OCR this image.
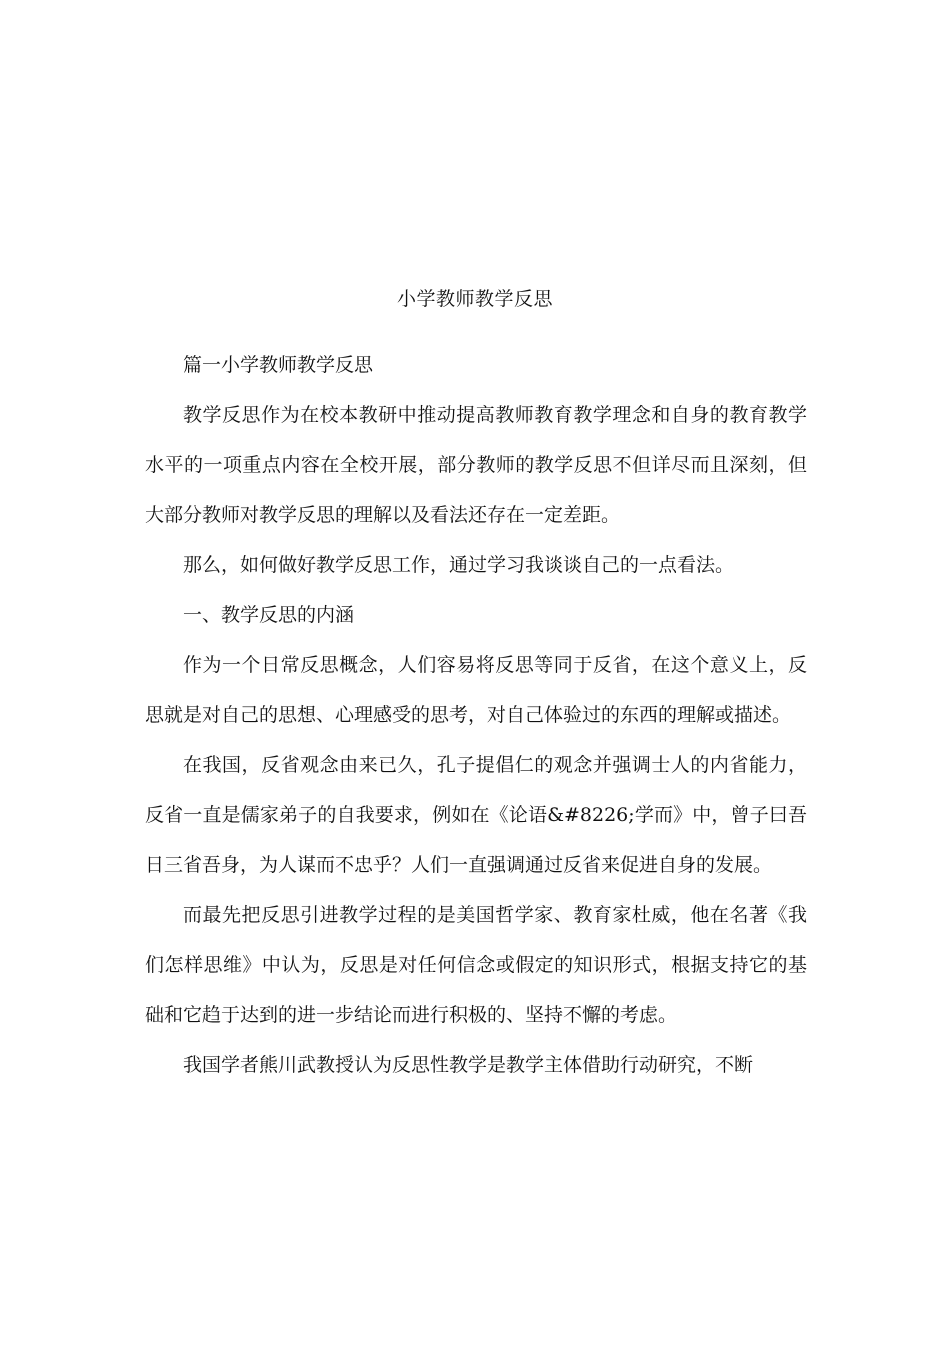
小学教师教学反思

篇一小学教师教学反思

教学反思作为在校本教研中推动提高教师教育教学理念和自身的教育教学水平的一项重点内容在全校开展，部分教师的教学反思不但详尽而且深刻，但大部分教师对教学反思的理解以及看法还存在一定差距。

那么，如何做好教学反思工作，通过学习我谈谈自己的一点看法。

一、教学反思的内涵

作为一个日常反思概念，人们容易将反思等同于反省，在这个意义上，反思就是对自己的思想、心理感受的思考，对自己体验过的东西的理解或描述。

在我国，反省观念由来已久，孔子提倡仁的观念并强调士人的内省能力，反省一直是儒家弟子的自我要求，例如在《论语&#8226;学而》中，曾子曰吾日三省吾身，为人谋而不忠乎？人们一直强调通过反省来促进自身的发展。

而最先把反思引进教学过程的是美国哲学家、教育家杜威，他在名著《我们怎样思维》中认为，反思是对任何信念或假定的知识形式，根据支持它的基础和它趋于达到的进一步结论而进行积极的、坚持不懈的考虑。

我国学者熊川武教授认为反思性教学是教学主体借助行动研究，不断
